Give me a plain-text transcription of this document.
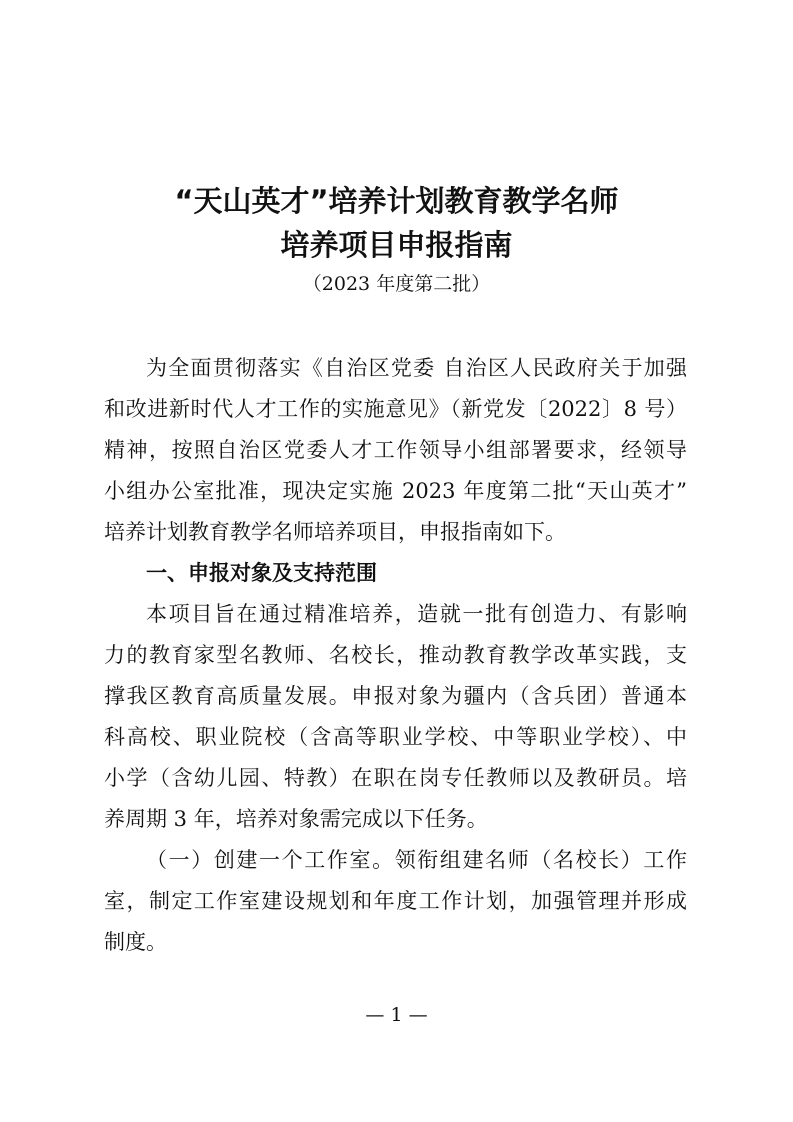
“天山英才”培养计划教育教学名师
培养项目申报指南
（2023 年度第二批）
为全面贯彻落实《自治区党委 自治区人民政府关于加强
和改进新时代人才工作的实施意见》（新党发〔2022〕8 号）
精神，按照自治区党委人才工作领导小组部署要求，经领导
小组办公室批准，现决定实施 2023 年度第二批“天山英才”
培养计划教育教学名师培养项目，申报指南如下。
一、申报对象及支持范围
本项目旨在通过精准培养，造就一批有创造力、有影响
力的教育家型名教师、名校长，推动教育教学改革实践，支
撑我区教育高质量发展。申报对象为疆内（含兵团）普通本
科高校、职业院校（含高等职业学校、中等职业学校）、中
小学（含幼儿园、特教）在职在岗专任教师以及教研员。培
养周期 3 年，培养对象需完成以下任务。
（一）创建一个工作室。领衔组建名师（名校长）工作
室，制定工作室建设规划和年度工作计划，加强管理并形成
制度。
— 1 —
